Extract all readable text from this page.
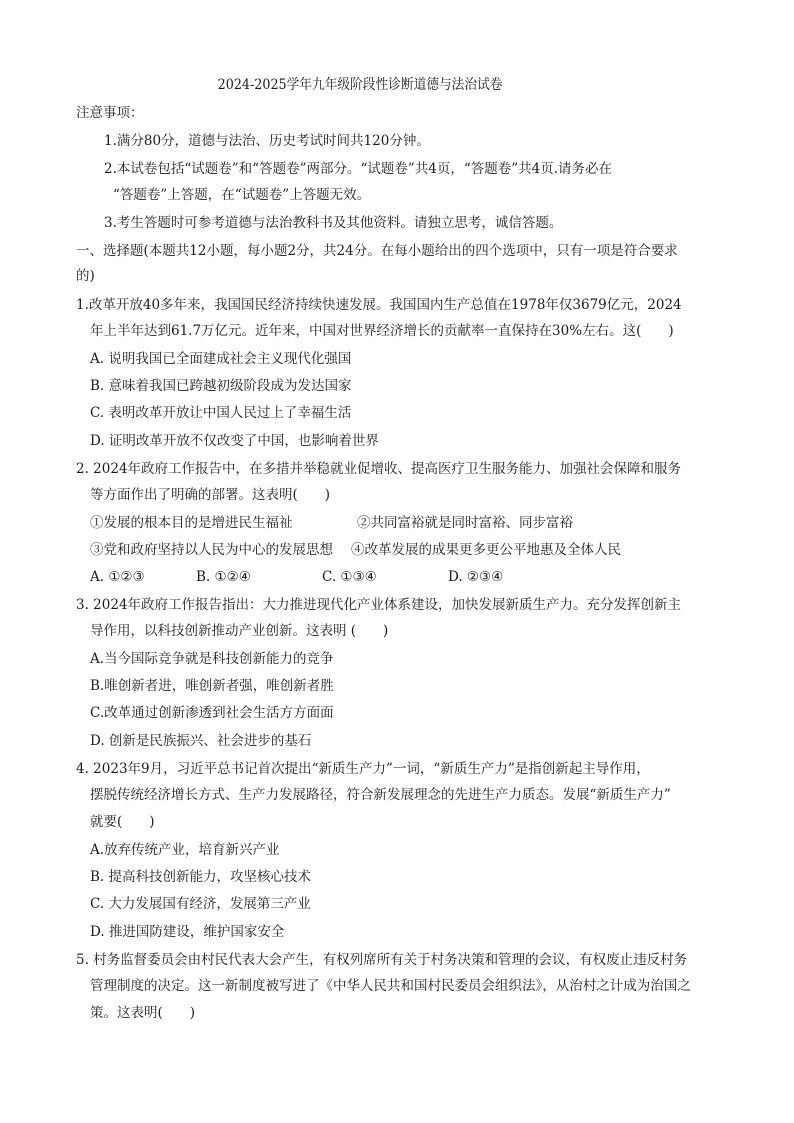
2024-2025学年九年级阶段性诊断道德与法治试卷
注意事项：
1.满分80分，道德与法治、历史考试时间共120分钟。
2.本试卷包括“试题卷”和“答题卷”两部分。“试题卷”共4页，“答题卷”共4页.请务必在
“答题卷”上答题，在“试题卷”上答题无效。
3.考生答题时可参考道德与法治教科书及其他资料。请独立思考，诚信答题。
一、选择题(本题共12小题，每小题2分，共24分。在每小题给出的四个选项中，只有一项是符合要求
的)
1.改革开放40多年来，我国国民经济持续快速发展。我国国内生产总值在1978年仅3679亿元，2024
年上半年达到61.7万亿元。近年来，中国对世界经济增长的贡献率一直保持在30%左右。这(　　)
A. 说明我国已全面建成社会主义现代化强国
B. 意味着我国已跨越初级阶段成为发达国家
C. 表明改革开放让中国人民过上了幸福生活
D. 证明改革开放不仅改变了中国，也影响着世界
2. 2024年政府工作报告中，在多措并举稳就业促增收、提高医疗卫生服务能力、加强社会保障和服务
等方面作出了明确的部署。这表明(　　)
①发展的根本目的是增进民生福祉	②共同富裕就是同时富裕、同步富裕
③党和政府坚持以人民为中心的发展思想 ④改革发展的成果更多更公平地惠及全体人民
A. ①②③	B. ①②④	C. ①③④	D. ②③④
3. 2024年政府工作报告指出：大力推进现代化产业体系建设，加快发展新质生产力。充分发挥创新主
导作用，以科技创新推动产业创新。这表明 (　　)
A.当今国际竞争就是科技创新能力的竞争
B.唯创新者进，唯创新者强，唯创新者胜
C.改革通过创新渗透到社会生活方方面面
D. 创新是民族振兴、社会进步的基石
4. 2023年9月，习近平总书记首次提出“新质生产力”一词，“新质生产力”是指创新起主导作用，
摆脱传统经济增长方式、生产力发展路径，符合新发展理念的先进生产力质态。发展“新质生产力”
就要(　　)
A.放弃传统产业，培育新兴产业
B. 提高科技创新能力，攻坚核心技术
C. 大力发展国有经济，发展第三产业
D. 推进国防建设，维护国家安全
5. 村务监督委员会由村民代表大会产生，有权列席所有关于村务决策和管理的会议，有权废止违反村务
管理制度的决定。这一新制度被写进了《中华人民共和国村民委员会组织法》，从治村之计成为治国之
策。这表明(　　)
